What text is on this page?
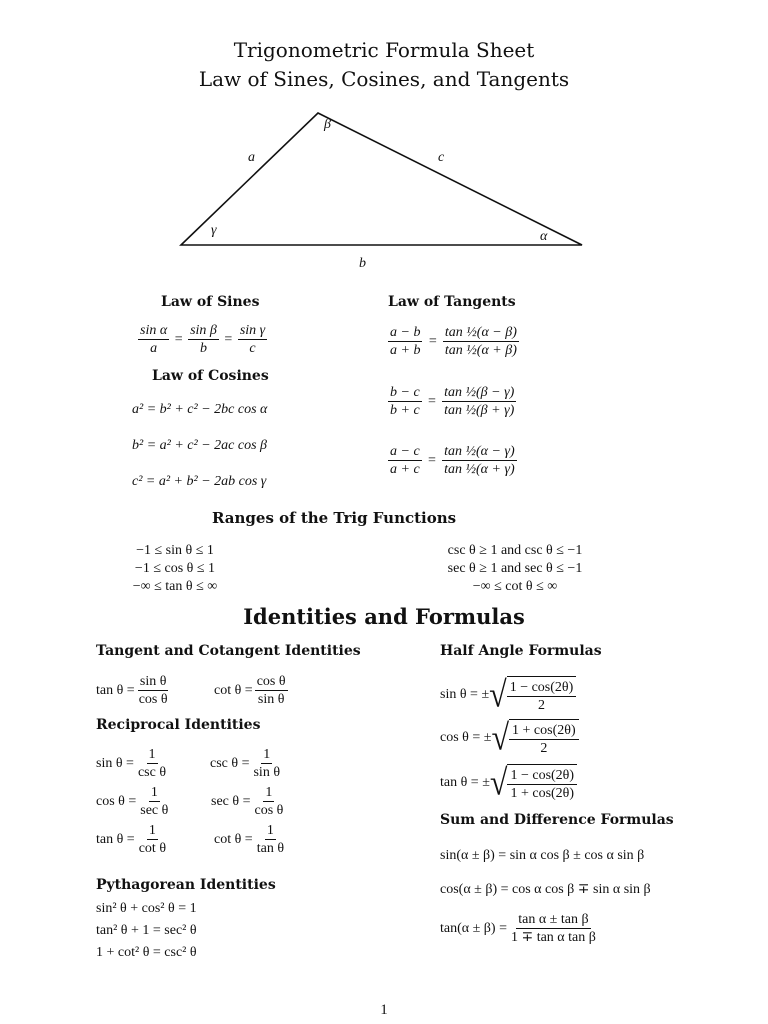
Trigonometric Formula Sheet
Law of Sines, Cosines, and Tangents
a	c
b
β
γ	α
Law of Sines
$\frac{\text{sin α}}{a} = \frac{\text{sin β}}{b} = \frac{\text{sin γ}}{c}$
Law of Cosines
a² = b² + c² − 2bc cos α
b² = a² + c² − 2ac cos β
c² = a² + b² − 2ab cos γ
Law of Tangents
$\frac{a - b}{a + b} = \frac{\text{tan ½(α − β)}}{\text{tan ½(α + β)}}$
$\frac{b - c}{b + c} = \frac{\text{tan ½(β − γ)}}{\text{tan ½(β + γ)}}$
$\frac{a - c}{a + c} = \frac{\text{tan ½(α − γ)}}{\text{tan ½(α + γ)}}$
Ranges of the Trig Functions
−1 ≤ sin θ ≤ 1
−1 ≤ cos θ ≤ 1
−∞ ≤ tan θ ≤ ∞
csc θ ≥ 1 and csc θ ≤ −1
sec θ ≥ 1 and sec θ ≤ −1
−∞ ≤ cot θ ≤ ∞
Identities and Formulas
Tangent and Cotangent Identities
$\tan \theta = \frac{\text{sin θ}}{\text{cos θ}}$	$\cot \theta = \frac{\text{cos θ}}{\text{sin θ}}$
Reciprocal Identities
$\sin \theta = \frac{1}{\text{csc θ}}$	$\csc \theta = \frac{1}{\text{sin θ}}$
$\cos \theta = \frac{1}{\text{sec θ}}$	$\sec \theta = \frac{1}{\text{cos θ}}$
$\tan \theta = \frac{1}{\text{cot θ}}$	$\cot \theta = \frac{1}{\text{tan θ}}$
Pythagorean Identities
sin² θ + cos² θ = 1
tan² θ + 1 = sec² θ
1 + cot² θ = csc² θ
Half Angle Formulas
sin θ = ± √ 1 − cos(2θ)
2
cos θ = ± √ 1 + cos(2θ)
2
tan θ = ± √ 1 − cos(2θ)
1 + cos(2θ)
Sum and Difference Formulas
sin(α ± β) = sin α cos β ± cos α sin β
cos(α ± β) = cos α cos β ∓ sin α sin β
$\tan(\alpha \pm \beta) = \frac{\text{tan α ± tan β}}{\text{1 ∓ tan α tan β}}$
1
